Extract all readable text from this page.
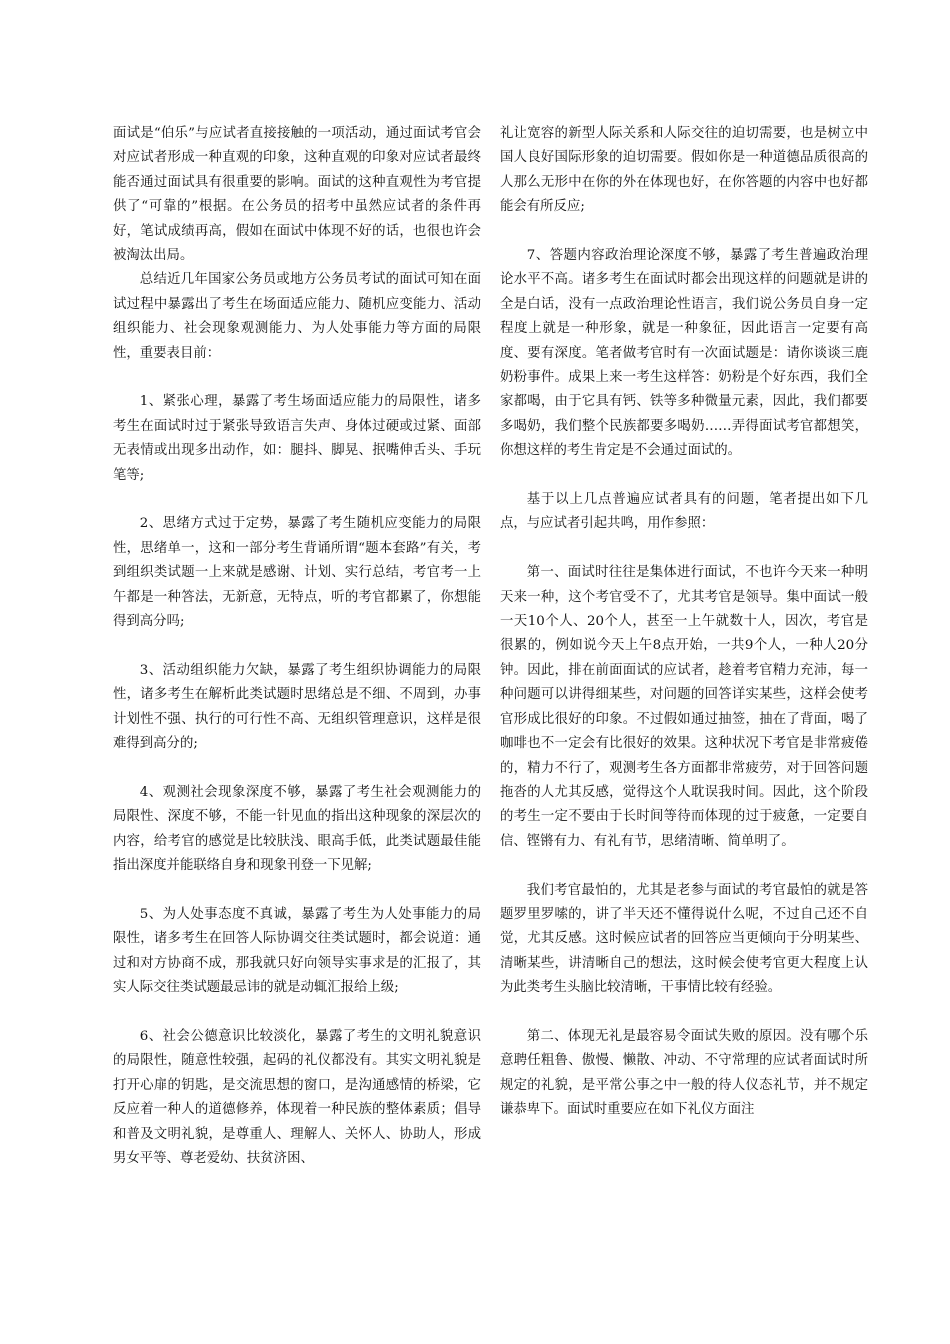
面试是“伯乐”与应试者直接接触的一项活动，通过面试考官会对应试者形成一种直观的印象，这种直观的印象对应试者最终能否通过面试具有很重要的影响。面试的这种直观性为考官提供了“可靠的”根据。在公务员的招考中虽然应试者的条件再好，笔试成绩再高，假如在面试中体现不好的话，也很也许会被淘汰出局。

总结近几年国家公务员或地方公务员考试的面试可知在面试过程中暴露出了考生在场面适应能力、随机应变能力、活动组织能力、社会现象观测能力、为人处事能力等方面的局限性，重要表目前：

1、紧张心理，暴露了考生场面适应能力的局限性，诸多考生在面试时过于紧张导致语言失声、身体过硬或过紧、面部无表情或出现多出动作，如：腿抖、脚晃、抿嘴伸舌头、手玩笔等;

2、思绪方式过于定势，暴露了考生随机应变能力的局限性，思绪单一，这和一部分考生背诵所谓“题本套路”有关，考到组织类试题一上来就是感谢、计划、实行总结，考官考一上午都是一种答法，无新意，无特点，听的考官都累了，你想能得到高分吗;

3、活动组织能力欠缺，暴露了考生组织协调能力的局限性，诸多考生在解析此类试题时思绪总是不细、不周到，办事计划性不强、执行的可行性不高、无组织管理意识，这样是很难得到高分的;

4、观测社会现象深度不够，暴露了考生社会观测能力的局限性、深度不够，不能一针见血的指出这种现象的深层次的内容，给考官的感觉是比较肤浅、眼高手低，此类试题最佳能指出深度并能联络自身和现象刊登一下见解;

5、为人处事态度不真诚，暴露了考生为人处事能力的局限性，诸多考生在回答人际协调交往类试题时，都会说道：通过和对方协商不成，那我就只好向领导实事求是的汇报了，其实人际交往类试题最忌讳的就是动辄汇报给上级;

6、社会公德意识比较淡化，暴露了考生的文明礼貌意识的局限性，随意性较强，起码的礼仪都没有。其实文明礼貌是打开心扉的钥匙，是交流思想的窗口，是沟通感情的桥梁，它反应着一种人的道德修养，体现着一种民族的整体素质；倡导和普及文明礼貌，是尊重人、理解人、关怀人、协助人，形成男女平等、尊老爱幼、扶贫济困、

礼让宽容的新型人际关系和人际交往的迫切需要，也是树立中国人良好国际形象的迫切需要。假如你是一种道德品质很高的人那么无形中在你的外在体现也好，在你答题的内容中也好都能会有所反应;

7、答题内容政治理论深度不够，暴露了考生普遍政治理论水平不高。诸多考生在面试时都会出现这样的问题就是讲的全是白话，没有一点政治理论性语言，我们说公务员自身一定程度上就是一种形象，就是一种象征，因此语言一定要有高度、要有深度。笔者做考官时有一次面试题是：请你谈谈三鹿奶粉事件。成果上来一考生这样答：奶粉是个好东西，我们全家都喝，由于它具有钙、铁等多种微量元素，因此，我们都要多喝奶，我们整个民族都要多喝奶……弄得面试考官都想笑，你想这样的考生肯定是不会通过面试的。

基于以上几点普遍应试者具有的问题，笔者提出如下几点，与应试者引起共鸣，用作参照：

第一、面试时往往是集体进行面试，不也许今天来一种明天来一种，这个考官受不了，尤其考官是领导。集中面试一般一天10个人、20个人，甚至一上午就数十人，因次，考官是很累的，例如说今天上午8点开始，一共9个人，一种人20分钟。因此，排在前面面试的应试者，趁着考官精力充沛，每一种问题可以讲得细某些，对问题的回答详实某些，这样会使考官形成比很好的印象。不过假如通过抽签，抽在了背面，喝了咖啡也不一定会有比很好的效果。这种状况下考官是非常疲倦的，精力不行了，观测考生各方面都非常疲劳，对于回答问题拖沓的人尤其反感，觉得这个人耽误我时间。因此，这个阶段的考生一定不要由于长时间等待而体现的过于疲惫，一定要自信、铿锵有力、有礼有节，思绪清晰、简单明了。

我们考官最怕的，尤其是老参与面试的考官最怕的就是答题罗里罗嗦的，讲了半天还不懂得说什么呢，不过自己还不自觉，尤其反感。这时候应试者的回答应当更倾向于分明某些、清晰某些，讲清晰自己的想法，这时候会使考官更大程度上认为此类考生头脑比较清晰，干事情比较有经验。

第二、体现无礼是最容易令面试失败的原因。没有哪个乐意聘任粗鲁、傲慢、懒散、冲动、不守常理的应试者面试时所规定的礼貌，是平常公事之中一般的待人仪态礼节，并不规定谦恭卑下。面试时重要应在如下礼仪方面注
